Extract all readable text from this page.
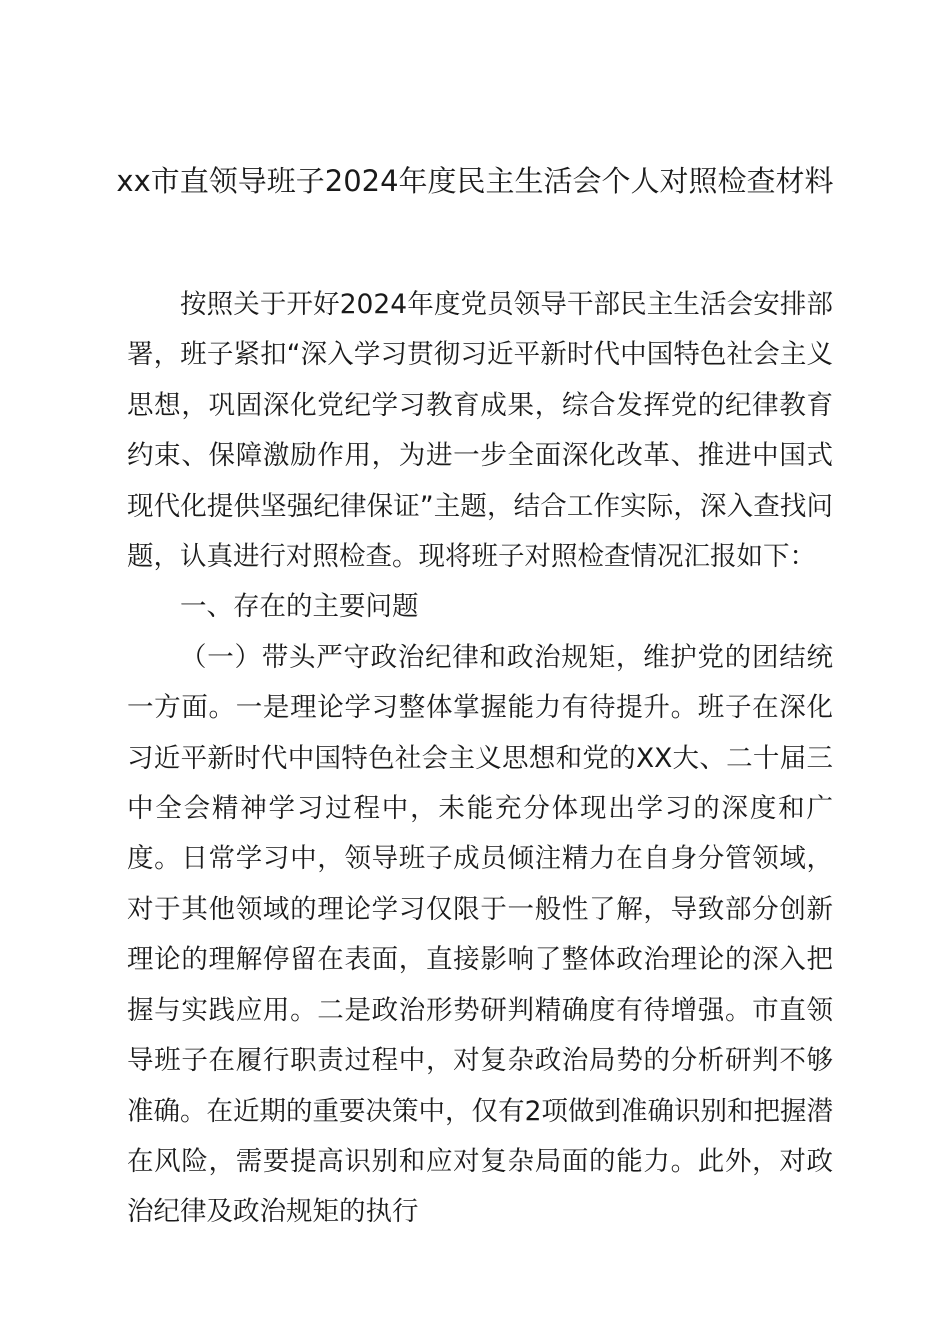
xx市直领导班子2024年度民主生活会个人对照检查材料

按照关于开好2024年度党员领导干部民主生活会安排部署，班子紧扣“深入学习贯彻习近平新时代中国特色社会主义思想，巩固深化党纪学习教育成果，综合发挥党的纪律教育约束、保障激励作用，为进一步全面深化改革、推进中国式现代化提供坚强纪律保证”主题，结合工作实际，深入查找问题，认真进行对照检查。现将班子对照检查情况汇报如下：

一、存在的主要问题

（一）带头严守政治纪律和政治规矩，维护党的团结统一方面。一是理论学习整体掌握能力有待提升。班子在深化习近平新时代中国特色社会主义思想和党的XX大、二十届三中全会精神学习过程中，未能充分体现出学习的深度和广度。日常学习中，领导班子成员倾注精力在自身分管领域，对于其他领域的理论学习仅限于一般性了解，导致部分创新理论的理解停留在表面，直接影响了整体政治理论的深入把握与实践应用。二是政治形势研判精确度有待增强。市直领导班子在履行职责过程中，对复杂政治局势的分析研判不够准确。在近期的重要决策中，仅有2项做到准确识别和把握潜在风险，需要提高识别和应对复杂局面的能力。此外，对政治纪律及政治规矩的执行
